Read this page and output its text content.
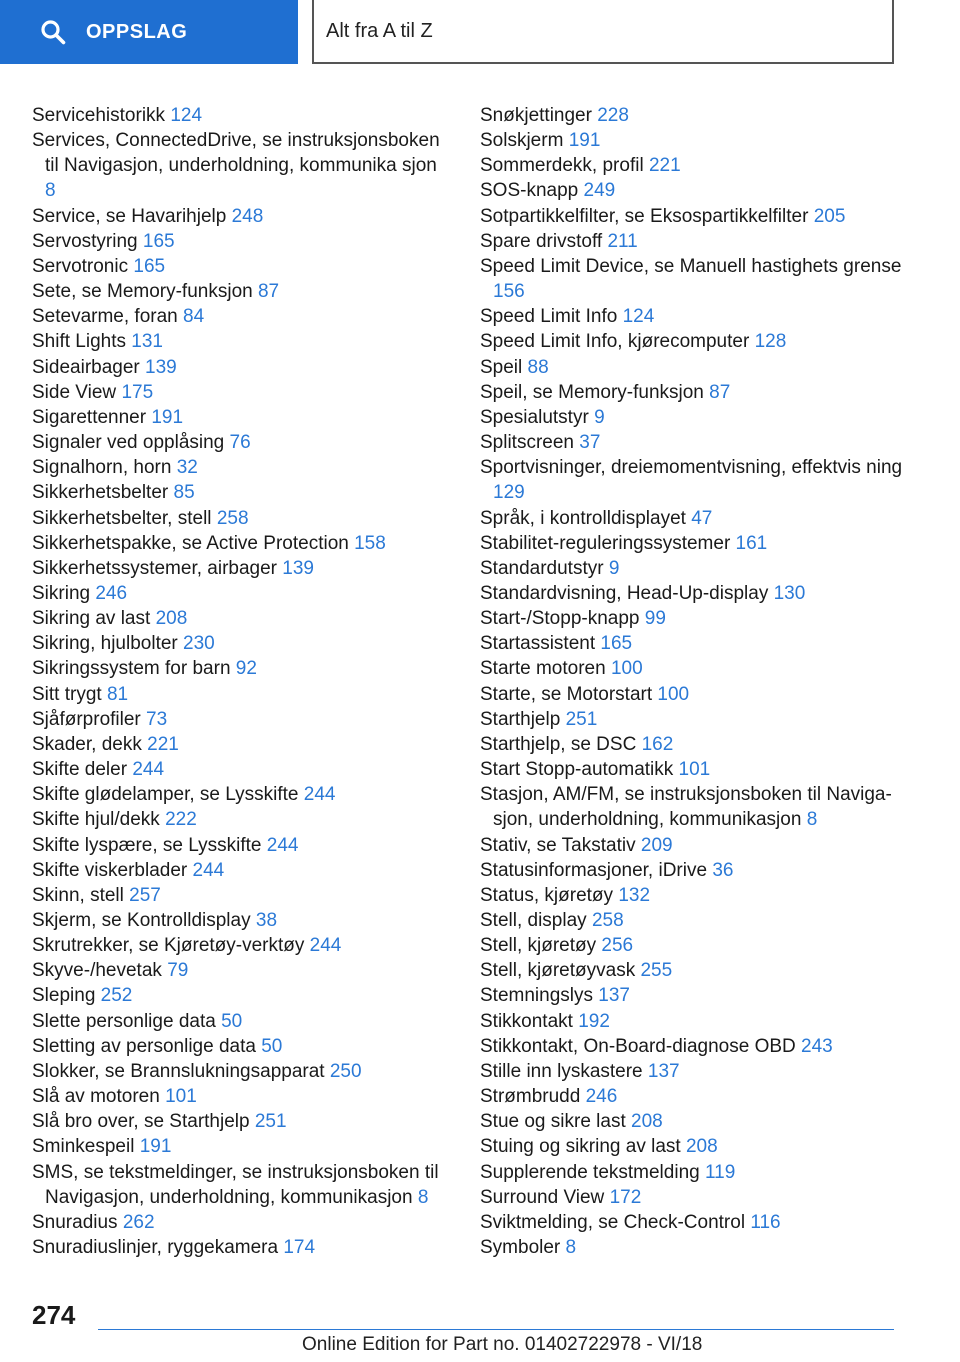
OPPSLAG	Alt fra A til Z
Servicehistorikk 124
Services, ConnectedDrive, se instruksjonsboken til Navigasjon, underholdning, kommunika sjon 8
Service, se Havarihjelp 248
Servostyring 165
Servotronic 165
Sete, se Memory-funksjon 87
Setevarme, foran 84
Shift Lights 131
Sideairbager 139
Side View 175
Sigarettenner 191
Signaler ved opplåsing 76
Signalhorn, horn 32
Sikkerhetsbelter 85
Sikkerhetsbelter, stell 258
Sikkerhetspakke, se Active Protection 158
Sikkerhetssystemer, airbager 139
Sikring 246
Sikring av last 208
Sikring, hjulbolter 230
Sikringssystem for barn 92
Sitt trygt 81
Sjåførprofiler 73
Skader, dekk 221
Skifte deler 244
Skifte glødelamper, se Lysskifte 244
Skifte hjul/dekk 222
Skifte lyspære, se Lysskifte 244
Skifte viskerblader 244
Skinn, stell 257
Skjerm, se Kontrolldisplay 38
Skrutrekker, se Kjøretøy-verktøy 244
Skyve-/hevetak 79
Sleping 252
Slette personlige data 50
Sletting av personlige data 50
Slokker, se Brannslukningsapparat 250
Slå av motoren 101
Slå bro over, se Starthjelp 251
Sminkespeil 191
SMS, se tekstmeldinger, se instruksjonsboken til Navigasjon, underholdning, kommunikasjon 8
Snuradius 262
Snuradiuslinjer, ryggekamera 174
Snøkjettinger 228
Solskjerm 191
Sommerdekk, profil 221
SOS-knapp 249
Sotpartikkelfilter, se Eksospartikkelfilter 205
Spare drivstoff 211
Speed Limit Device, se Manuell hastighets grense 156
Speed Limit Info 124
Speed Limit Info, kjørecomputer 128
Speil 88
Speil, se Memory-funksjon 87
Spesialutstyr 9
Splitscreen 37
Sportvisninger, dreiemomentvisning, effektvis ning 129
Språk, i kontrolldisplayet 47
Stabilitet-reguleringssystemer 161
Standardutstyr 9
Standardvisning, Head-Up-display 130
Start-/Stopp-knapp 99
Startassistent 165
Starte motoren 100
Starte, se Motorstart 100
Starthjelp 251
Starthjelp, se DSC 162
Start Stopp-automatikk 101
Stasjon, AM/FM, se instruksjonsboken til Naviga sjon, underholdning, kommunikasjon 8
Stativ, se Takstativ 209
Statusinformasjoner, iDrive 36
Status, kjøretøy 132
Stell, display 258
Stell, kjøretøy 256
Stell, kjøretøyvask 255
Stemningslys 137
Stikkontakt 192
Stikkontakt, On-Board-diagnose OBD 243
Stille inn lyskastere 137
Strømbrudd 246
Stue og sikre last 208
Stuing og sikring av last 208
Supplerende tekstmelding 119
Surround View 172
Sviktmelding, se Check-Control 116
Symboler 8
274
Online Edition for Part no. 01402722978 - VI/18
